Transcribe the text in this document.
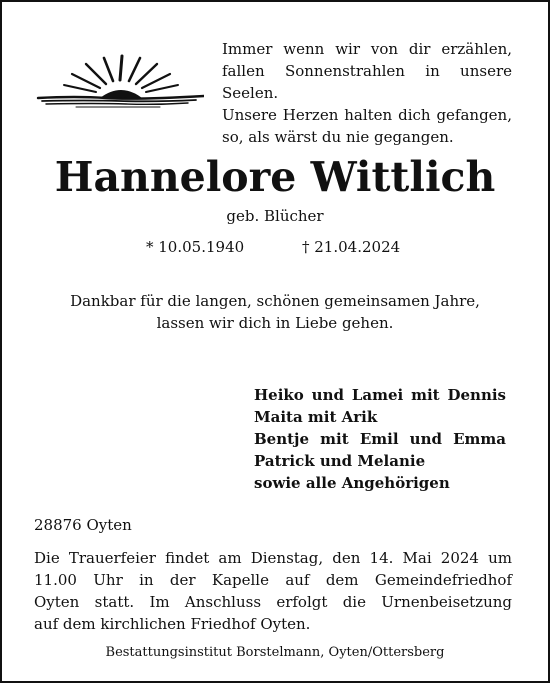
Immer wenn wir von dir erzählen,
fallen Sonnenstrahlen in unsere Seelen.
Unsere Herzen halten dich gefangen,
so, als wärst du nie gegangen.
Hannelore Wittlich
geb. Blücher
* 10.05.1940	† 21.04.2024
Dankbar für die langen, schönen gemeinsamen Jahre,
lassen wir dich in Liebe gehen.
Heiko und Lamei mit Dennis
Maita mit Arik
Bentje mit Emil und Emma
Patrick und Melanie
sowie alle Angehörigen
28876 Oyten
Die Trauerfeier findet am Dienstag, den 14. Mai 2024 um
11.00 Uhr in der Kapelle auf dem Gemeindefriedhof
Oyten statt. Im Anschluss erfolgt die Urnenbeisetzung
auf dem kirchlichen Friedhof Oyten.
Bestattungsinstitut Borstelmann, Oyten/Ottersberg
